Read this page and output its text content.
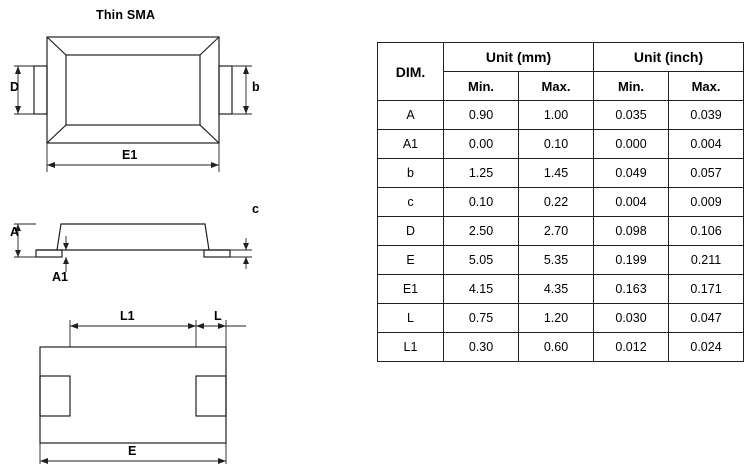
Thin SMA
D	b
E1
A
A1
c
L1	L
E
DIM.	Unit (mm)		Unit (inch)	
	Min.	Max.	Min.	Max.
A	0.90	1.00	0.035	0.039
A1	0.00	0.10	0.000	0.004
b	1.25	1.45	0.049	0.057
c	0.10	0.22	0.004	0.009
D	2.50	2.70	0.098	0.106
E	5.05	5.35	0.199	0.211
E1	4.15	4.35	0.163	0.171
L	0.75	1.20	0.030	0.047
L1	0.30	0.60	0.012	0.024
